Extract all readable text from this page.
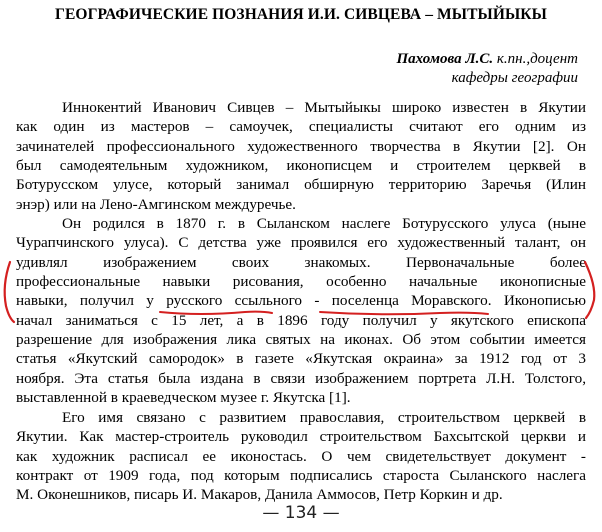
ГЕОГРАФИЧЕСКИЕ ПОЗНАНИЯ И.И. СИВЦЕВА – МЫТЫЙЫКЫ
Пахомова Л.С. к.пн.,доцент
кафедры географии
Иннокентий Иванович Сивцев – Мытыйыкы широко известен в Якутии
как один из мастеров – самоучек, специалисты считают его одним из
зачинателей профессионального художественного творчества в Якутии [2]. Он
был самодеятельным художником, иконописцем и строителем церквей в
Ботурусском улусе, который занимал обширную территорию Заречья (Илин
энэр) или на Лено-Амгинском междуречье.
Он родился в 1870 г. в Сыланском наслеге Ботурусского улуса (ныне
Чурапчинского улуса). С детства уже проявился его художественный талант, он
удивлял изображением своих знакомых. Первоначальные более
профессиональные навыки рисования, особенно начальные иконописные
навыки, получил у русского ссыльного - поселенца Моравского. Иконописью
начал заниматься с 15 лет, а в 1896 году получил у якутского епископа
разрешение для изображения лика святых на иконах. Об этом событии имеется
статья «Якутский самородок» в газете «Якутская окраина» за 1912 год от 3
ноября. Эта статья была издана в связи изображением портрета Л.Н. Толстого,
выставленной в краеведческом музее г. Якутска [1].
Его имя связано с развитием православия, строительством церквей в
Якутии. Как мастер-строитель руководил строительством Бахсытской церкви и
как художник расписал ее иконостась. О чем свидетельствует документ -
контракт от 1909 года, под которым подписались староста Сыланского наслега
М. Оконешников, писарь И. Макаров, Данила Аммосов, Петр Коркин и др.
— 134 —
